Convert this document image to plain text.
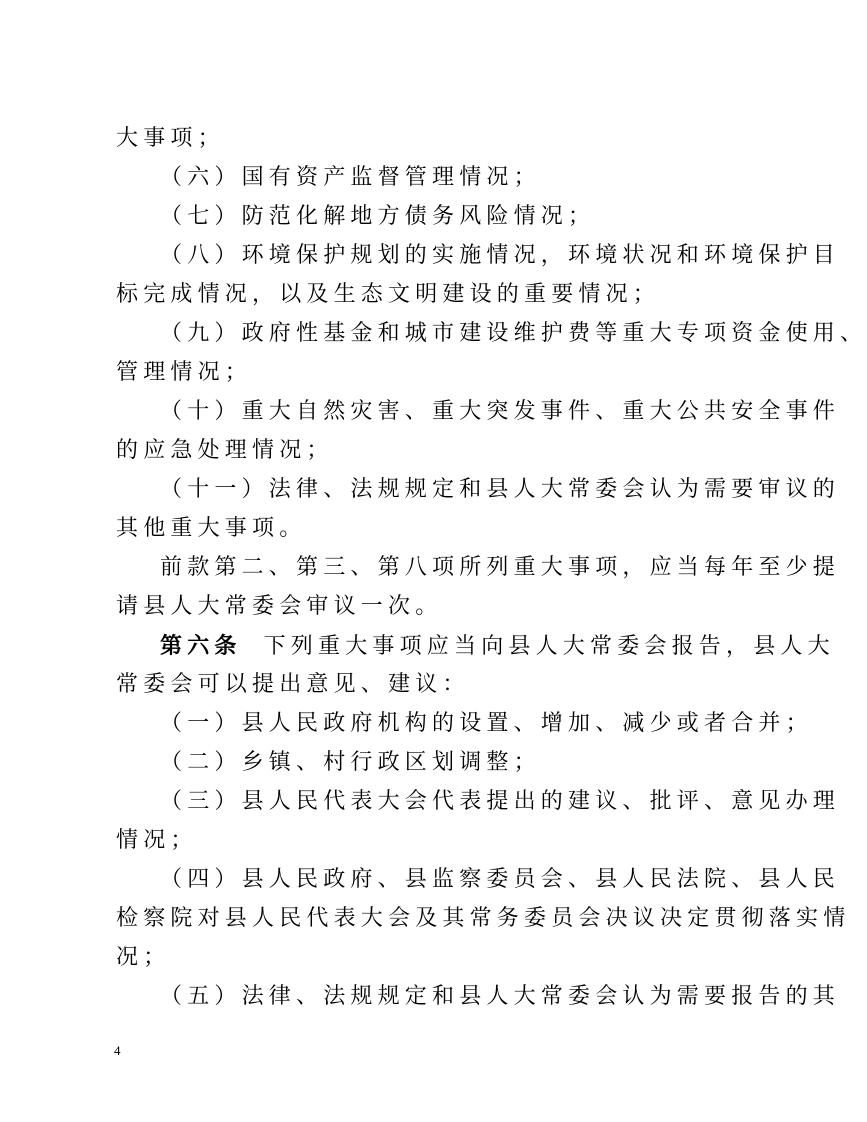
大事项；
（六）国有资产监督管理情况；
（七）防范化解地方债务风险情况；
（八）环境保护规划的实施情况，环境状况和环境保护目
标完成情况，以及生态文明建设的重要情况；
（九）政府性基金和城市建设维护费等重大专项资金使用、
管理情况；
（十）重大自然灾害、重大突发事件、重大公共安全事件
的应急处理情况；
（十一）法律、法规规定和县人大常委会认为需要审议的
其他重大事项。
前款第二、第三、第八项所列重大事项，应当每年至少提
请县人大常委会审议一次。
第六条 下列重大事项应当向县人大常委会报告，县人大
常委会可以提出意见、建议：
（一）县人民政府机构的设置、增加、减少或者合并；
（二）乡镇、村行政区划调整；
（三）县人民代表大会代表提出的建议、批评、意见办理
情况；
（四）县人民政府、县监察委员会、县人民法院、县人民
检察院对县人民代表大会及其常务委员会决议决定贯彻落实情
况；
（五）法律、法规规定和县人大常委会认为需要报告的其
4
